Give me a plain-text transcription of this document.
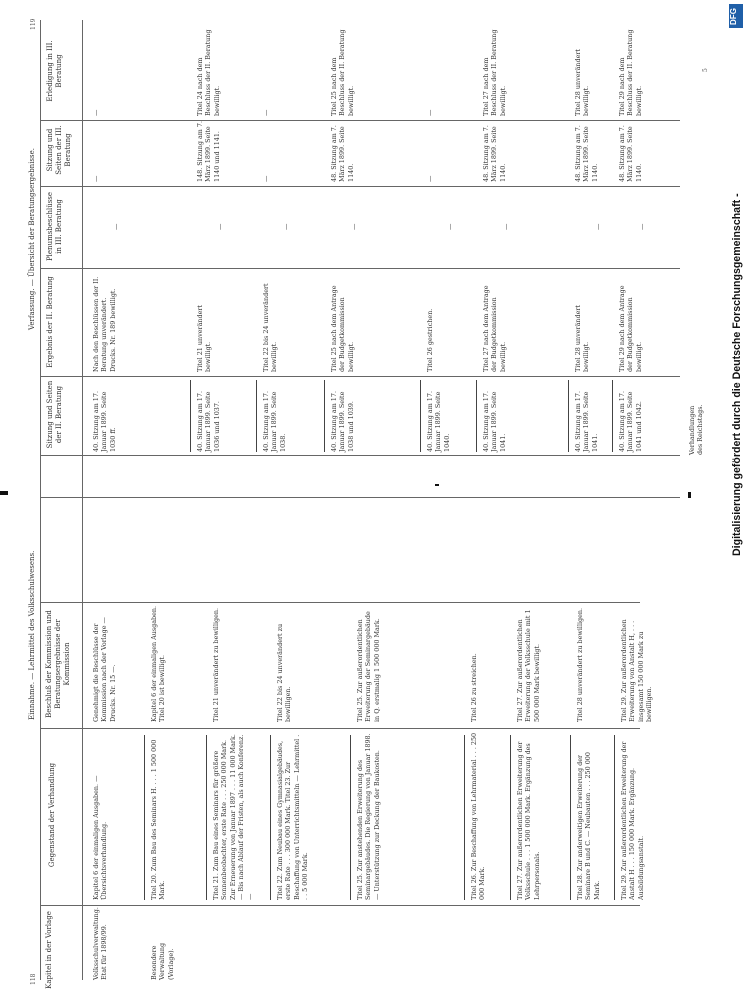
118
119
5
Einnahme. — Lehrmittel des Volksschulwesens.
Verfassung. — Übersicht der Beratungsergebnisse.
Kapitel in der Vorlage
Gegenstand der Verhandlung
Beschluß der Kommission und Beratungsergebnisse der Kommission
Sitzung und Seiten der II. Beratung
Ergebnis der II. Beratung
Plenumsbeschlüsse in III. Beratung
Sitzung und Seiten der III. Beratung
Erledigung in III. Beratung
Volksschulverwaltung. Etat für 1898/99.
Kapitel 6 der einmaligen Ausgaben. — Übersichtsverhandlung.
Genehmigt die Beschlüsse der Kommission nach der Vorlage — Drucks. Nr. 15 —.
Besondere Verwaltung (Vorlage).
Titel 20. Zum Bau des Seminars H. . . . 1 500 000 Mark.
Kapitel 6 der einmaligen Ausgaben. Titel 20 ist bewilligt.
Titel 21. Zum Bau eines Seminars für größere Sonnenbeobachter, erste Rate . . . 250 000 Mark. Zur Erneuerung von Januar 1897 . . . 11 000 Mark. — Bis nach Ablauf der Fristen, als auch Konferenz. —
Titel 21 unverändert zu bewilligen.
Titel 22. Zum Neubau eines Gymnasialgebäudes, erste Rate . . . 300 000 Mark. Titel 23. Zur Beschaffung von Unterrichtsmitteln — Lehrmittel . . . 5 000 Mark.
Titel 22 bis 24 unverändert zu bewilligen.
Titel 25. Zur anstehenden Erweiterung des Seminargebäudes. Die Regierung von Januar 1898. — Unterstützung zur Deckung der Baukosten.
Titel 25. Zur außerordentlichen Erweiterung der Seminargebäude in Q. erstmalig 1 500 000 Mark.
Titel 26. Zur Beschaffung von Lehrmaterial . . . 250 000 Mark.
Titel 26 zu streichen.
Titel 27. Zur außerordentlichen Erweiterung der Volksschule . . . 1 500 000 Mark. Ergänzung des Lehrpersonals.
Titel 27. Zur außerordentlichen Erweiterung der Volksschule mit 1 500 000 Mark bewilligt.
Titel 28. Zur anderweitigen Erweiterung der Seminare B und C. — Neubauten . . . 250 000 Mark.
Titel 28 unverändert zu bewilligen.
Titel 29. Zur außerordentlichen Erweiterung der Anstalt H . . . 150 000 Mark. Ergänzung. Ausbildungsanstalt.
Titel 29. Zur außerordentlichen Erweiterung von Anstalt H, . . . insgesamt 150 000 Mark zu bewilligen.
40. Sitzung am 17. Januar 1899. Seite 1030 ff.
Nach den Beschlüssen der II. Beratung unverändert. Drucks. Nr. 189 bewilligt.
—
—
—
40. Sitzung am 17. Januar 1899. Seite 1036 und 1037.
Titel 21 unverändert bewilligt.
—
148. Sitzung am 7. März 1899. Seite 1140 und 1141.
Titel 24 nach dem Beschluss der II. Beratung bewilligt.
40. Sitzung am 17. Januar 1899. Seite 1038.
Titel 22 bis 24 unverändert bewilligt.
—
—
—
40. Sitzung am 17. Januar 1899. Seite 1038 und 1039.
Titel 25 nach dem Antrage der Budgetkommission bewilligt.
—
48. Sitzung am 7. März 1899. Seite 1140.
Titel 25 nach dem Beschluss der II. Beratung bewilligt.
40. Sitzung am 17. Januar 1899. Seite 1040.
Titel 26 gestrichen.
—
—
—
40. Sitzung am 17. Januar 1899. Seite 1041.
Titel 27 nach dem Antrage der Budgetkommission bewilligt.
—
48. Sitzung am 7. März 1899. Seite 1140.
Titel 27 nach dem Beschluss der II. Beratung bewilligt.
40. Sitzung am 17. Januar 1899. Seite 1041.
Titel 28 unverändert bewilligt.
—
48. Sitzung am 7. März 1899. Seite 1140.
Titel 28 unverändert bewilligt.
40. Sitzung am 17. Januar 1899. Seite 1041 und 1042.
Titel 29 nach dem Antrage der Budgetkommission bewilligt.
—
48. Sitzung am 7. März 1899. Seite 1140.
Titel 29 nach dem Beschluss der II. Beratung bewilligt.
Verhandlungen des Reichstags.
DFG
Digitalisierung gefördert durch die Deutsche Forschungsgemeinschaft -
